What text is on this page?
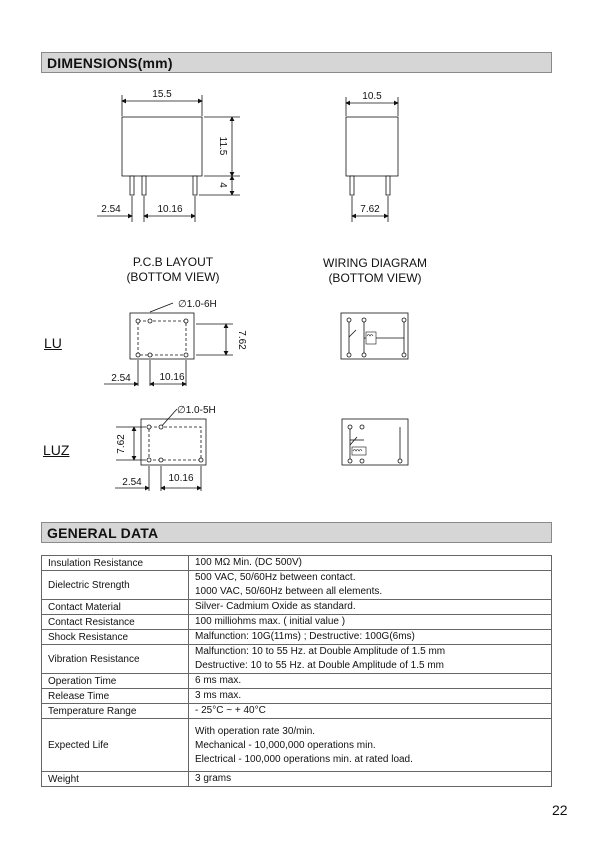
DIMENSIONS(mm)
15.5
11.5
4
2.54	10.16
10.5
7.62
∅1.0-6H
7.62
2.54	10.16
∅1.0-5H
7.62
2.54	10.16
P.C.B LAYOUT
(BOTTOM VIEW)
WIRING DIAGRAM
(BOTTOM VIEW)
LU
LUZ
GENERAL DATA
Insulation Resistance	100 MΩ Min. (DC 500V)

Dielectric Strength	500 VAC, 50/60Hz between contact.
1000 VAC, 50/60Hz between all elements.

Contact Material	Silver- Cadmium Oxide as standard.

Contact Resistance	100 milliohms max. ( initial value )

Shock Resistance	Malfunction: 10G(11ms) ; Destructive: 100G(6ms)

Vibration Resistance	Malfunction: 10 to 55 Hz. at Double Amplitude of 1.5 mm
Destructive: 10 to 55 Hz. at Double Amplitude of 1.5 mm

Operation Time	6 ms max.

Release Time	3 ms max.

Temperature Range	- 25°C ~ + 40°C

Expected Life	With operation rate 30/min.
Mechanical - 10,000,000 operations min.
Electrical - 100,000 operations min. at rated load.

Weight	3 grams
22
